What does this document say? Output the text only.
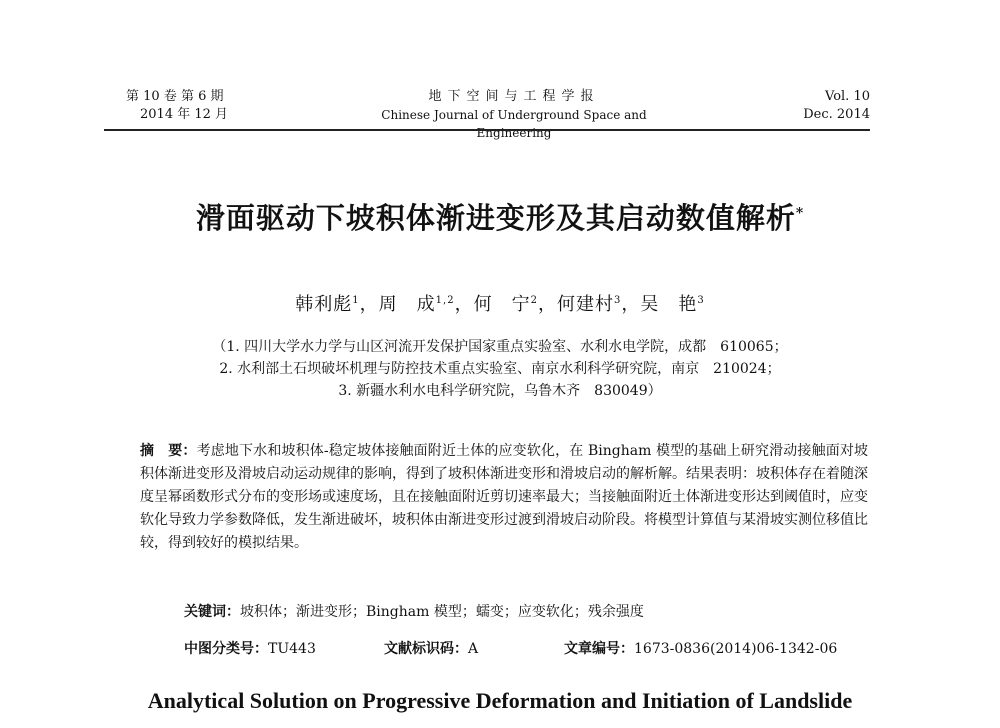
第 10 卷 第 6 期
2014 年 12 月
地下空间与工程学报
Chinese Journal of Underground Space and Engineering
Vol. 10
Dec. 2014
滑面驱动下坡积体渐进变形及其启动数值解析*
韩利彪$^1$，周　成$^{1,2}$，何　宁$^2$，何建村$^3$，吴　艳$^3$
（1. 四川大学水力学与山区河流开发保护国家重点实验室、水利水电学院，成都　610065；
2. 水利部土石坝破坏机理与防控技术重点实验室、南京水利科学研究院，南京　210024；
3. 新疆水利水电科学研究院，乌鲁木齐　830049）
摘　要：考虑地下水和坡积体-稳定坡体接触面附近土体的应变软化，在 Bingham 模型的基础上研究滑动接触面对坡积体渐进变形及滑坡启动运动规律的影响，得到了坡积体渐进变形和滑坡启动的解析解。结果表明：坡积体存在着随深度呈幂函数形式分布的变形场或速度场，且在接触面附近剪切速率最大；当接触面附近土体渐进变形达到阈值时，应变软化导致力学参数降低，发生渐进破坏，坡积体由渐进变形过渡到滑坡启动阶段。将模型计算值与某滑坡实测位移值比较，得到较好的模拟结果。
关键词：坡积体；渐进变形；Bingham 模型；蠕变；应变软化；残余强度
中图分类号：TU443	文献标识码：A	文章编号：1673-0836(2014)06-1342-06
Analytical Solution on Progressive Deformation and Initiation of Landslide
